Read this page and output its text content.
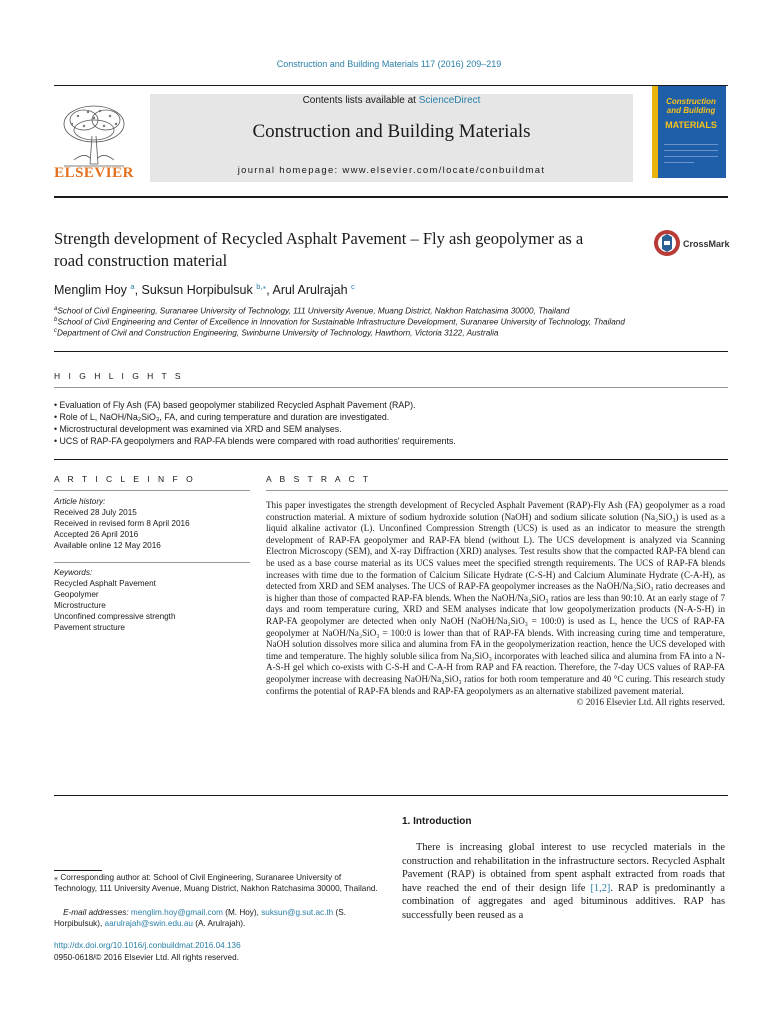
Construction and Building Materials 117 (2016) 209–219
ELSEVIER
Contents lists available at ScienceDirect
Construction and Building Materials
journal homepage: www.elsevier.com/locate/conbuildmat
Construction and Building
MATERIALS
Strength development of Recycled Asphalt Pavement – Fly ash geopolymer as a road construction material
CrossMark
Menglim Hoy $^a$, Suksun Horpibulsuk $^{b,⁎}$, Arul Arulrajah $^c$
$^a$School of Civil Engineering, Suranaree University of Technology, 111 University Avenue, Muang District, Nakhon Ratchasima 30000, Thailand
$^b$School of Civil Engineering and Center of Excellence in Innovation for Sustainable Infrastructure Development, Suranaree University of Technology, Thailand
$^c$Department of Civil and Construction Engineering, Swinburne University of Technology, Hawthorn, Victoria 3122, Australia
H I G H L I G H T S
• Evaluation of Fly Ash (FA) based geopolymer stabilized Recycled Asphalt Pavement (RAP).
• Role of L, NaOH/Na₂SiO₃, FA, and curing temperature and duration are investigated.
• Microstructural development was examined via XRD and SEM analyses.
• UCS of RAP-FA geopolymers and RAP-FA blends were compared with road authorities' requirements.
A R T I C L E I N F O
Article history:
Received 28 July 2015
Received in revised form 8 April 2016
Accepted 26 April 2016
Available online 12 May 2016
Keywords:
Recycled Asphalt Pavement
Geopolymer
Microstructure
Unconfined compressive strength
Pavement structure
A B S T R A C T

This paper investigates the strength development of Recycled Asphalt Pavement (RAP)-Fly Ash (FA) geopolymer as a road construction material. A mixture of sodium hydroxide solution (NaOH) and sodium silicate solution (Na₂SiO₃) is used as a liquid alkaline activator (L). Unconfined Compression Strength (UCS) is used as an indicator to measure the strength development of RAP-FA geopolymer and RAP-FA blend (without L). The UCS development is analyzed via Scanning Electron Microscopy (SEM), and X-ray Diffraction (XRD) analyses. Test results show that the compacted RAP-FA blend can be used as a base course material as its UCS values meet the specified strength requirements. The UCS of RAP-FA blends increases with time due to the formation of Calcium Silicate Hydrate (C-S-H) and Calcium Aluminate Hydrate (C-A-H), as detected from XRD and SEM analyses. The UCS of RAP-FA geopolymer increases as the NaOH/Na₂SiO₃ ratio decreases and is higher than those of compacted RAP-FA blends. When the NaOH/Na₂SiO₃ ratios are less than 90:10. At an early stage of 7 days and room temperature curing, XRD and SEM analyses indicate that low geopolymerization products (N-A-S-H) in RAP-FA geopolymer are detected when only NaOH (NaOH/Na₂SiO₃ = 100:0) is used as L, hence the UCS of RAP-FA geopolymer at NaOH/Na₂SiO₃ = 100:0 is lower than that of RAP-FA blends. With increasing curing time and temperature, NaOH solution dissolves more silica and alumina from FA in the geopolymerization reaction, hence the UCS developed with time and temperature. The highly soluble silica from Na₂SiO₃ incorporates with leached silica and alumina from FA into a N-A-S-H gel which co-exists with C-S-H and C-A-H from RAP and FA reaction. Therefore, the 7-day UCS values of RAP-FA geopolymer increase with decreasing NaOH/Na₂SiO₃ ratios for both room temperature and 40 °C curing. This research study confirms the potential of RAP-FA blends and RAP-FA geopolymers as an alternative stabilized pavement material.

© 2016 Elsevier Ltd. All rights reserved.

1. Introduction
There is increasing global interest to use recycled materials in the construction and rehabilitation in the infrastructure sectors. Recycled Asphalt Pavement (RAP) is obtained from spent asphalt extracted from roads that have reached the end of their design life [1,2]. RAP is predominantly a combination of aggregates and aged bituminous additives. RAP has successfully been reused as a
⁎ Corresponding author at: School of Civil Engineering, Suranaree University of Technology, 111 University Avenue, Muang District, Nakhon Ratchasima 30000, Thailand.
E-mail addresses: menglim.hoy@gmail.com (M. Hoy), suksun@g.sut.ac.th (S. Horpibulsuk), aarulrajah@swin.edu.au (A. Arulrajah).
http://dx.doi.org/10.1016/j.conbuildmat.2016.04.136
0950-0618/© 2016 Elsevier Ltd. All rights reserved.
